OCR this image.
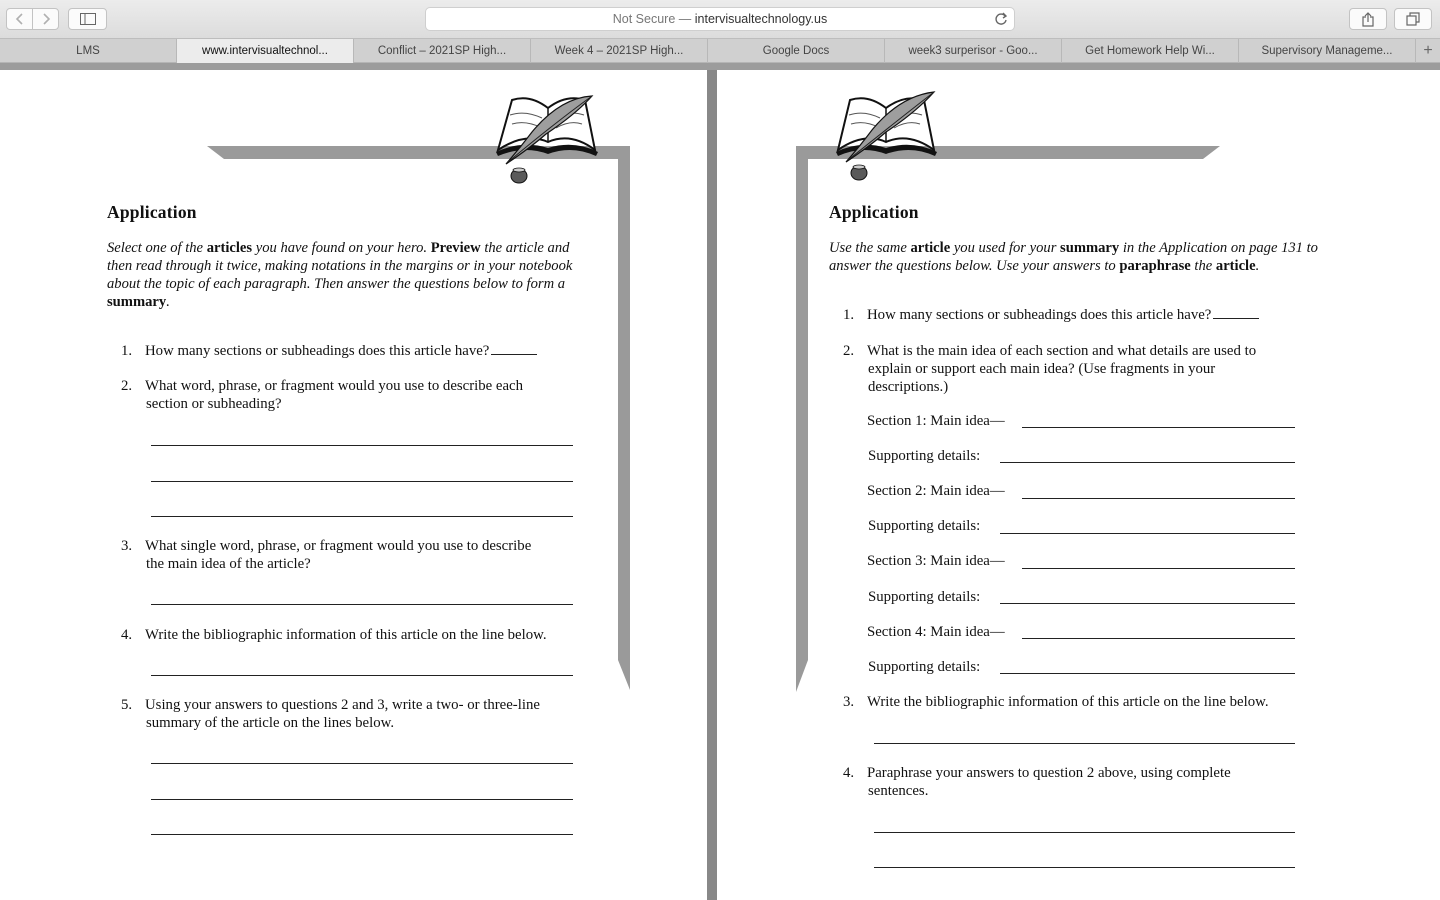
Not Secure —
intervisualtechnology.us
LMS	www.intervisualtechnol...	Conflict – 2021SP High...	Week 4 – 2021SP High...	Google Docs	week3 surperisor - Goo...	Get Homework Help Wi...	Supervisory Manageme... +
Application

Select one of the articles you have found on your hero. Preview the article and then read through it twice, making notations in the margins or in your notebook about the topic of each paragraph. Then answer the questions below to form a summary.

1. How many sections or subheadings does this article have?
2. What word, phrase, or fragment would you use to describe each
section or subheading?
3. What single word, phrase, or fragment would you use to describe
the main idea of the article?
4. Write the bibliographic information of this article on the line below.
5. Using your answers to questions 2 and 3, write a two- or three-line
summary of the article on the lines below.
Application

Use the same article you used for your summary in the Application on page 131 to answer the questions below. Use your answers to paraphrase the article.

1. How many sections or subheadings does this article have?
2. What is the main idea of each section and what details are used to
explain or support each main idea? (Use fragments in your
descriptions.)
Section 1: Main idea—
Supporting details:
Section 2: Main idea—
Supporting details:
Section 3: Main idea—
Supporting details:
Section 4: Main idea—
Supporting details:
3. Write the bibliographic information of this article on the line below.
4. Paraphrase your answers to question 2 above, using complete
sentences.
